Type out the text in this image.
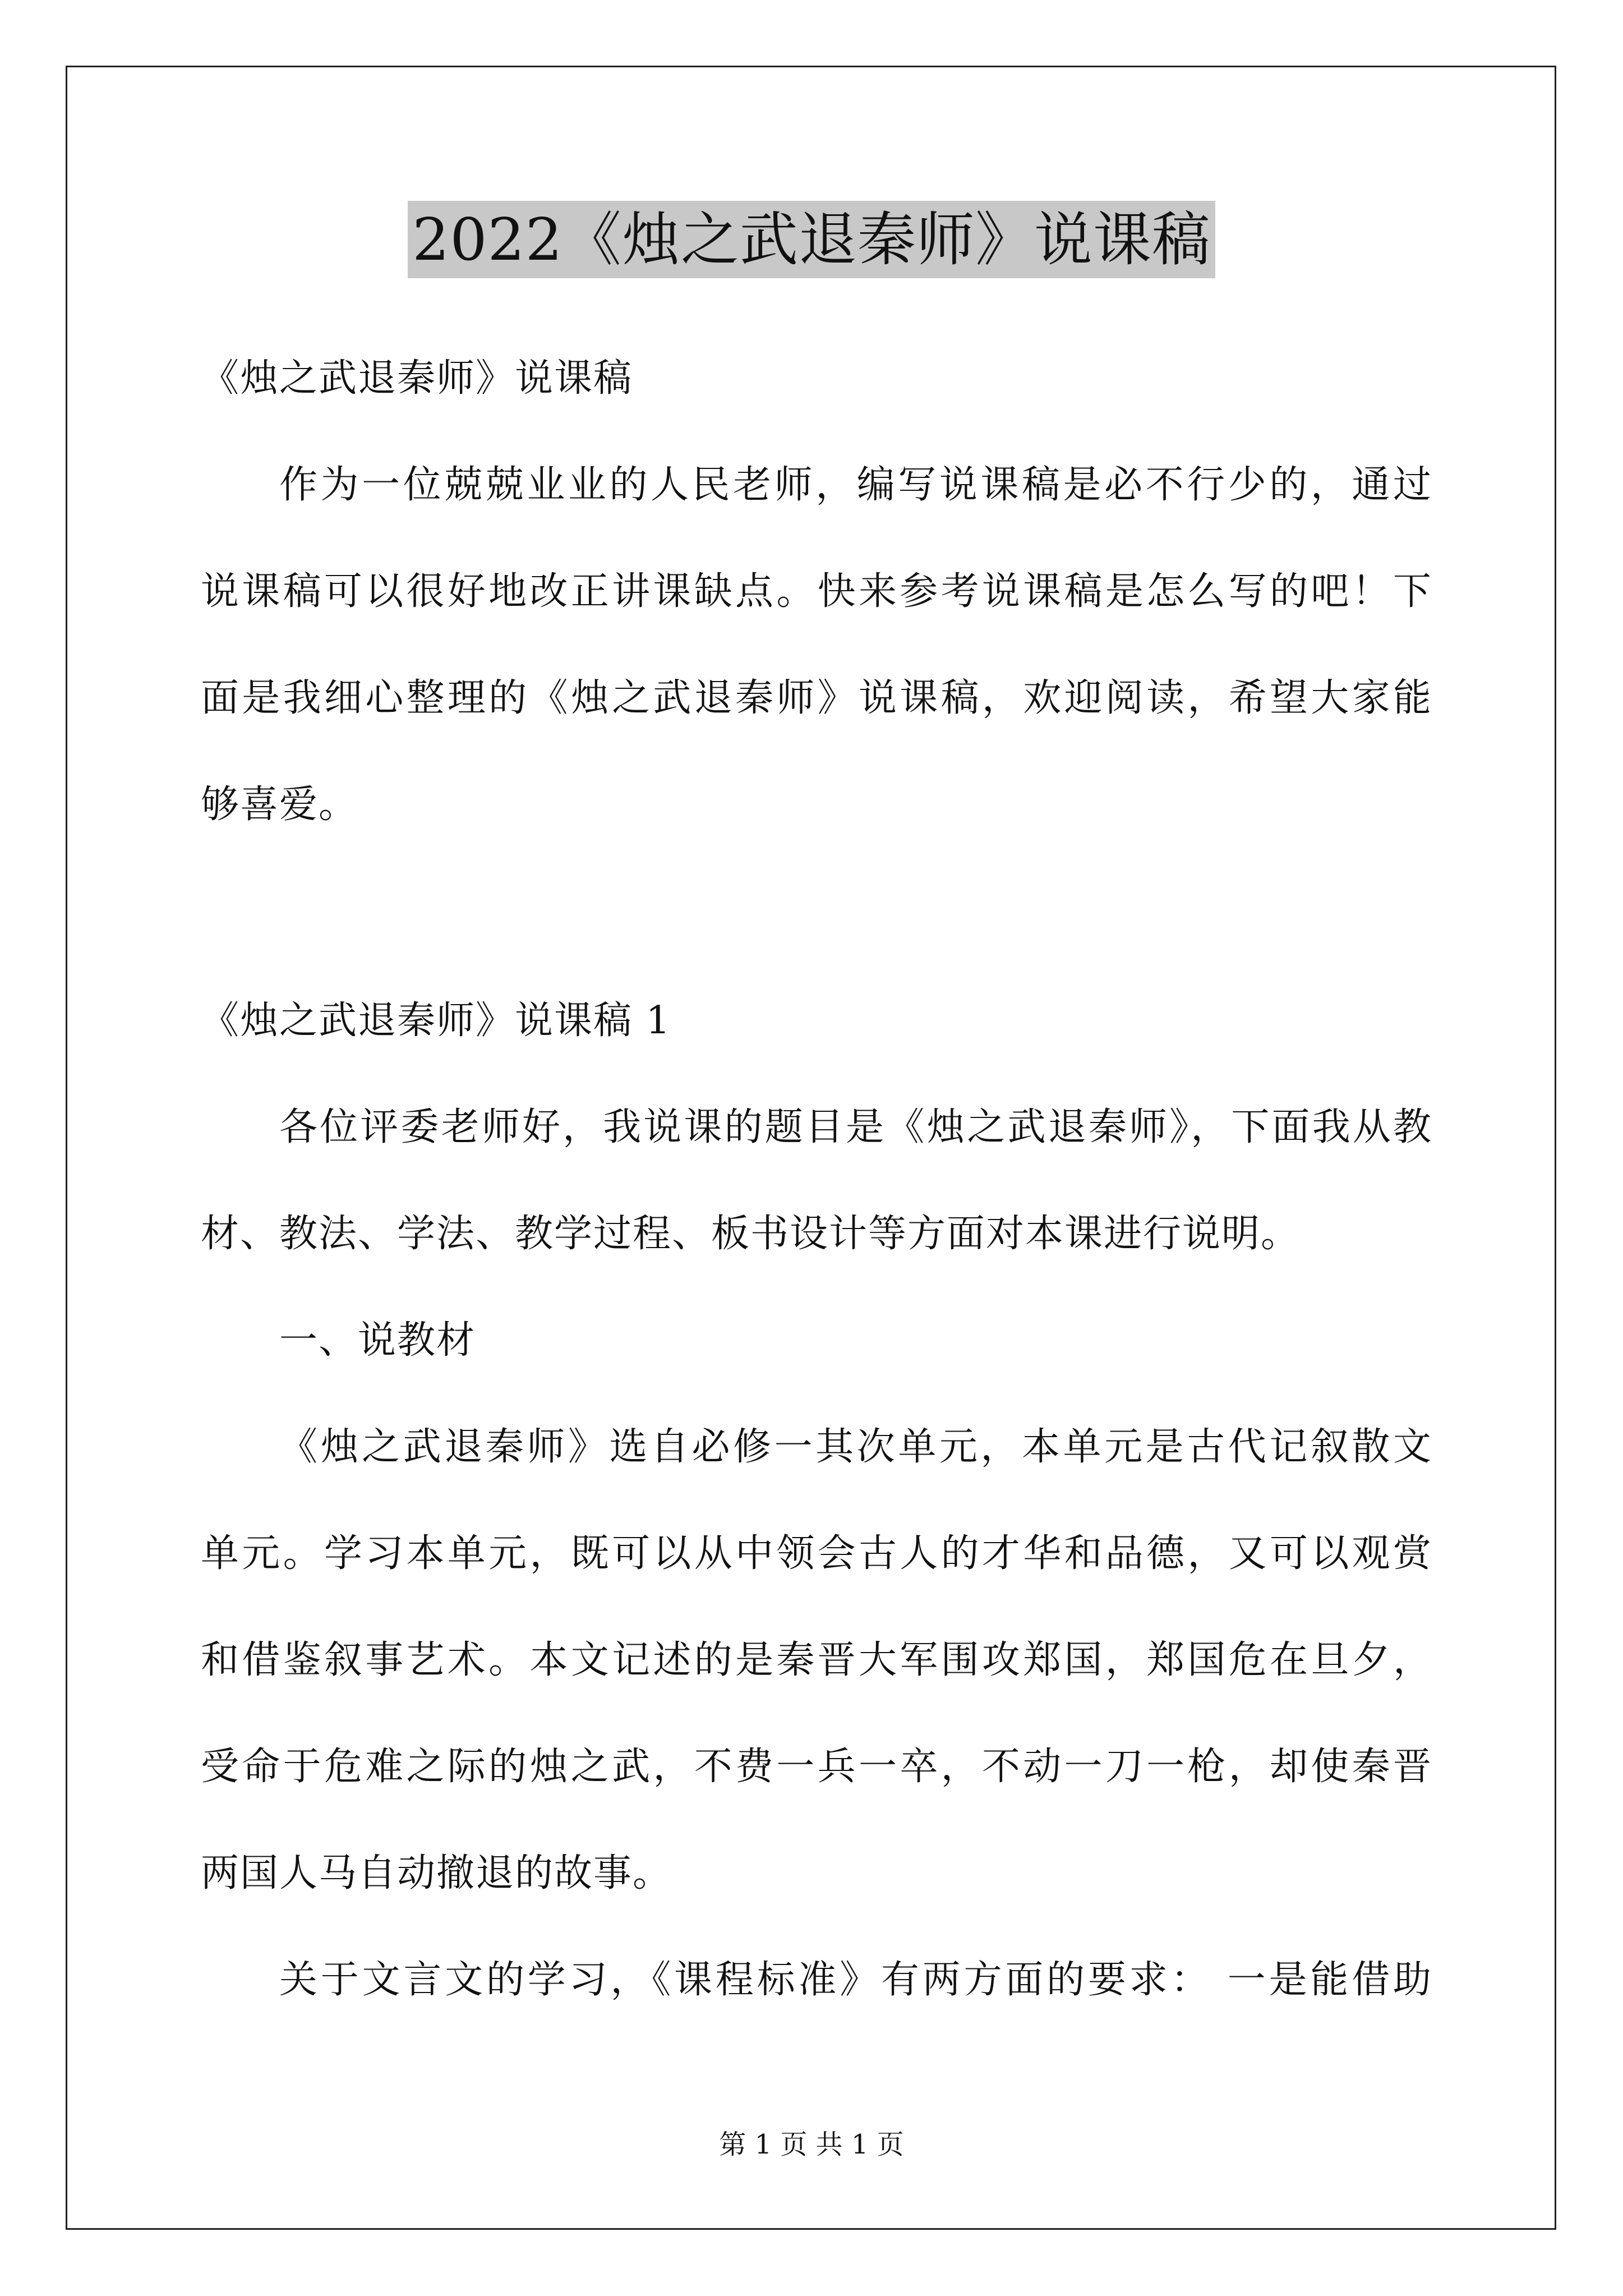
2022《烛之武退秦师》说课稿
《烛之武退秦师》说课稿
作为一位兢兢业业的人民老师，编写说课稿是必不行少的，通过
说课稿可以很好地改正讲课缺点。快来参考说课稿是怎么写的吧！下
面是我细心整理的《烛之武退秦师》说课稿，欢迎阅读，希望大家能
够喜爱。
《烛之武退秦师》说课稿 1
各位评委老师好，我说课的题目是《烛之武退秦师》，下面我从教
材、教法、学法、教学过程、板书设计等方面对本课进行说明。
一、说教材
《烛之武退秦师》选自必修一其次单元，本单元是古代记叙散文
单元。学习本单元，既可以从中领会古人的才华和品德，又可以观赏
和借鉴叙事艺术。本文记述的是秦晋大军围攻郑国，郑国危在旦夕，
受命于危难之际的烛之武，不费一兵一卒，不动一刀一枪，却使秦晋
两国人马自动撤退的故事。
关于文言文的学习，《课程标准》有两方面的要求： 一是能借助
第 1 页 共 1 页
